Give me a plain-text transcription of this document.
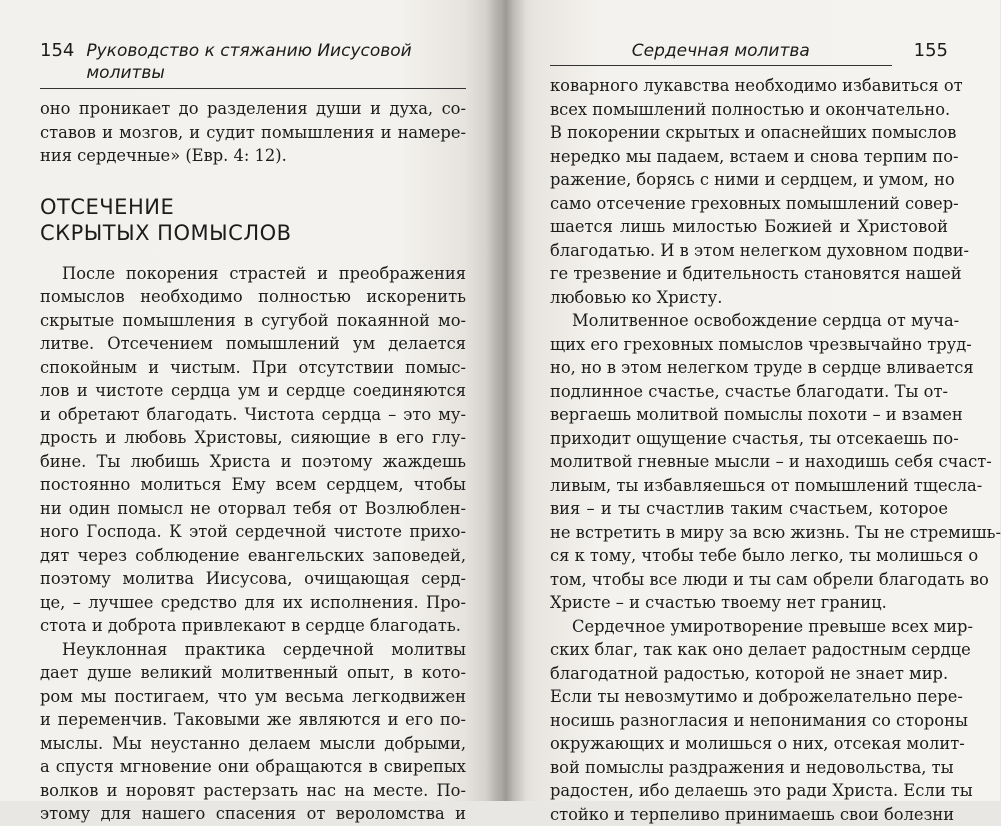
154 Руководство к стяжанию Иисусовой молитвы
оно проникает до разделения души и духа, со-
ставов и мозгов, и судит помышления и намере-
ния сердечные» (Евр. 4: 12).
ОТСЕЧЕНИЕ
СКРЫТЫХ ПОМЫСЛОВ
После покорения страстей и преображения
помыслов необходимо полностью искоренить
скрытые помышления в сугубой покаянной мо-
литве. Отсечением помышлений ум делается
спокойным и чистым. При отсутствии помыс-
лов и чистоте сердца ум и сердце соединяются
и обретают благодать. Чистота сердца – это му-
дрость и любовь Христовы, сияющие в его глу-
бине. Ты любишь Христа и поэтому жаждешь
постоянно молиться Ему всем сердцем, чтобы
ни один помысл не оторвал тебя от Возлюблен-
ного Господа. К этой сердечной чистоте прихо-
дят через соблюдение евангельских заповедей,
поэтому молитва Иисусова, очищающая серд-
це, – лучшее средство для их исполнения. Про-
стота и доброта привлекают в сердце благодать.
Неуклонная практика сердечной молитвы
дает душе великий молитвенный опыт, в кото-
ром мы постигаем, что ум весьма легкодвижен
и переменчив. Таковыми же являются и его по-
мыслы. Мы неустанно делаем мысли добрыми,
а спустя мгновение они обращаются в свирепых
волков и норовят растерзать нас на месте. По-
этому для нашего спасения от вероломства и
Сердечная молитва	155
коварного лукавства необходимо избавиться от
всех помышлений полностью и окончательно.
В покорении скрытых и опаснейших помыслов
нередко мы падаем, встаем и снова терпим по-
ражение, борясь с ними и сердцем, и умом, но
само отсечение греховных помышлений совер-
шается лишь милостью Божией и Христовой
благодатью. И в этом нелегком духовном подви-
ге трезвение и бдительность становятся нашей
любовью ко Христу.
Молитвенное освобождение сердца от муча-
щих его греховных помыслов чрезвычайно труд-
но, но в этом нелегком труде в сердце вливается
подлинное счастье, счастье благодати. Ты от-
вергаешь молитвой помыслы похоти – и взамен
приходит ощущение счастья, ты отсекаешь по-
молитвой гневные мысли – и находишь себя счаст-
ливым, ты избавляешься от помышлений тщесла-
вия – и ты счастлив таким счастьем, которое
не встретить в миру за всю жизнь. Ты не стремишь-
ся к тому, чтобы тебе было легко, ты молишься о
том, чтобы все люди и ты сам обрели благодать во
Христе – и счастью твоему нет границ.
Сердечное умиротворение превыше всех мир-
ских благ, так как оно делает радостным сердце
благодатной радостью, которой не знает мир.
Если ты невозмутимо и доброжелательно пере-
носишь разногласия и непонимания со стороны
окружающих и молишься о них, отсекая молит-
вой помыслы раздражения и недовольства, ты
радостен, ибо делаешь это ради Христа. Если ты
стойко и терпеливо принимаешь свои болезни
